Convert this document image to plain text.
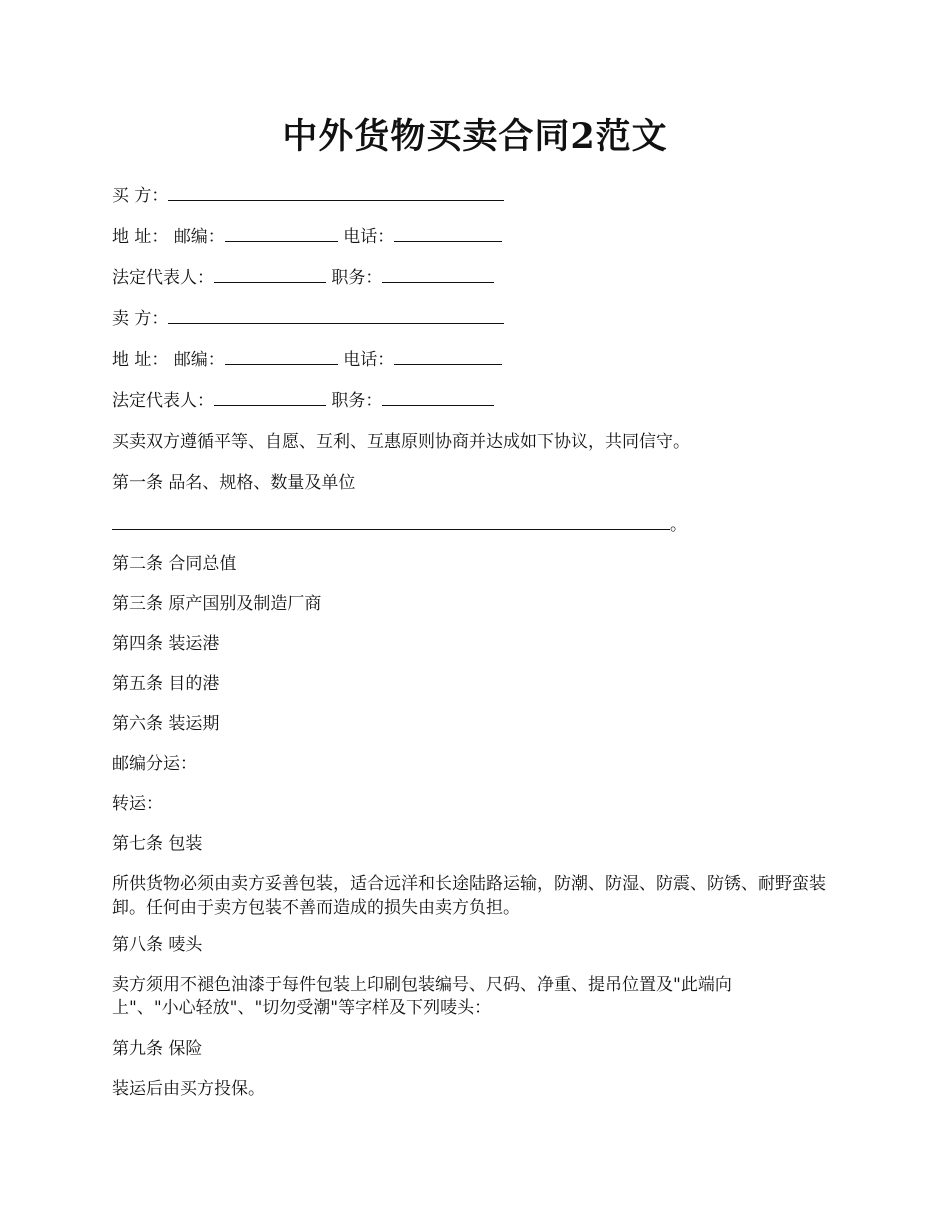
中外货物买卖合同2范文
买 方：
地 址： 邮编：	电话：
法定代表人：	职务：
卖 方：
地 址： 邮编：	电话：
法定代表人：	职务：
买卖双方遵循平等、自愿、互利、互惠原则协商并达成如下协议，共同信守。
第一条 品名、规格、数量及单位
。
第二条 合同总值
第三条 原产国别及制造厂商
第四条 装运港
第五条 目的港
第六条 装运期
邮编分运：
转运：
第七条 包装
所供货物必须由卖方妥善包装，适合远洋和长途陆路运输，防潮、防湿、防震、防锈、耐野蛮装卸。任何由于卖方包装不善而造成的损失由卖方负担。
第八条 唛头
卖方须用不褪色油漆于每件包装上印刷包装编号、尺码、净重、提吊位置及"此端向
上"、"小心轻放"、"切勿受潮"等字样及下列唛头：
第九条 保险
装运后由买方投保。
